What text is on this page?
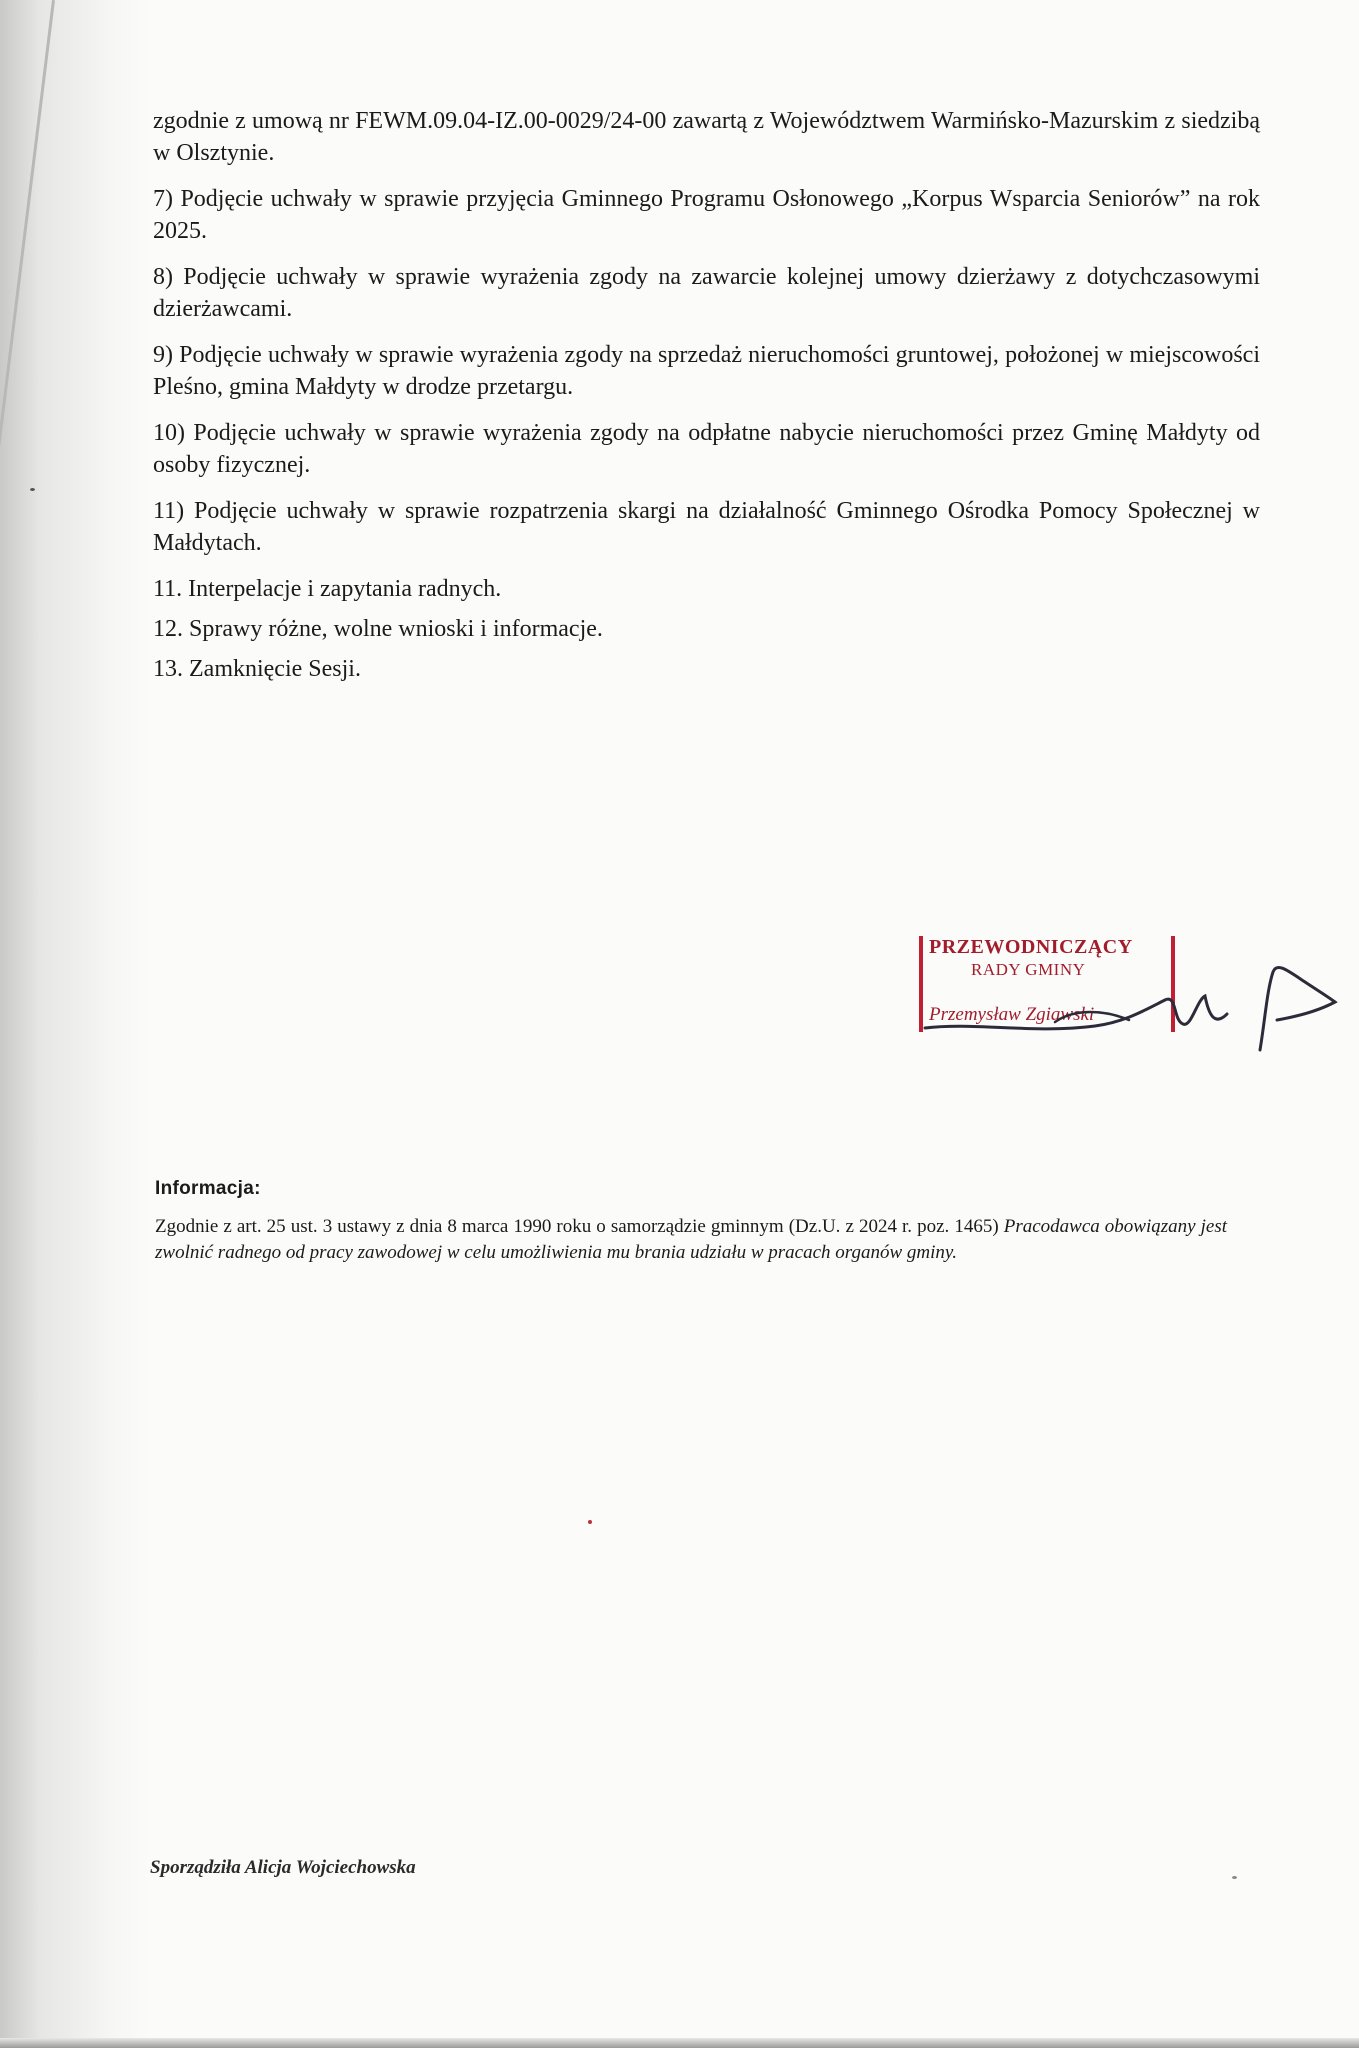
zgodnie z umową nr FEWM.09.04-IZ.00-0029/24-00 zawartą z Województwem Warmińsko-Mazurskim z siedzibą w Olsztynie.

7) Podjęcie uchwały w sprawie przyjęcia Gminnego Programu Osłonowego „Korpus Wsparcia Seniorów” na rok 2025.

8) Podjęcie uchwały w sprawie wyrażenia zgody na zawarcie kolejnej umowy dzierżawy z dotychczasowymi dzierżawcami.

9) Podjęcie uchwały w sprawie wyrażenia zgody na sprzedaż nieruchomości gruntowej, położonej w miejscowości Pleśno, gmina Małdyty w drodze przetargu.

10) Podjęcie uchwały w sprawie wyrażenia zgody na odpłatne nabycie nieruchomości przez Gminę Małdyty od osoby fizycznej.

11) Podjęcie uchwały w sprawie rozpatrzenia skargi na działalność Gminnego Ośrodka Pomocy Społecznej w Małdytach.

11. Interpelacje i zapytania radnych.

12. Sprawy różne, wolne wnioski i informacje.

13. Zamknięcie Sesji.

PRZEWODNICZĄCY
RADY GMINY
Przemysław Zgiawski
Informacja:

Zgodnie z art. 25 ust. 3 ustawy z dnia 8 marca 1990 roku o samorządzie gminnym (Dz.U. z 2024 r. poz. 1465) Pracodawca obowiązany jest zwolnić radnego od pracy zawodowej w celu umożliwienia mu brania udziału w pracach organów gminy.

Sporządziła Alicja Wojciechowska
